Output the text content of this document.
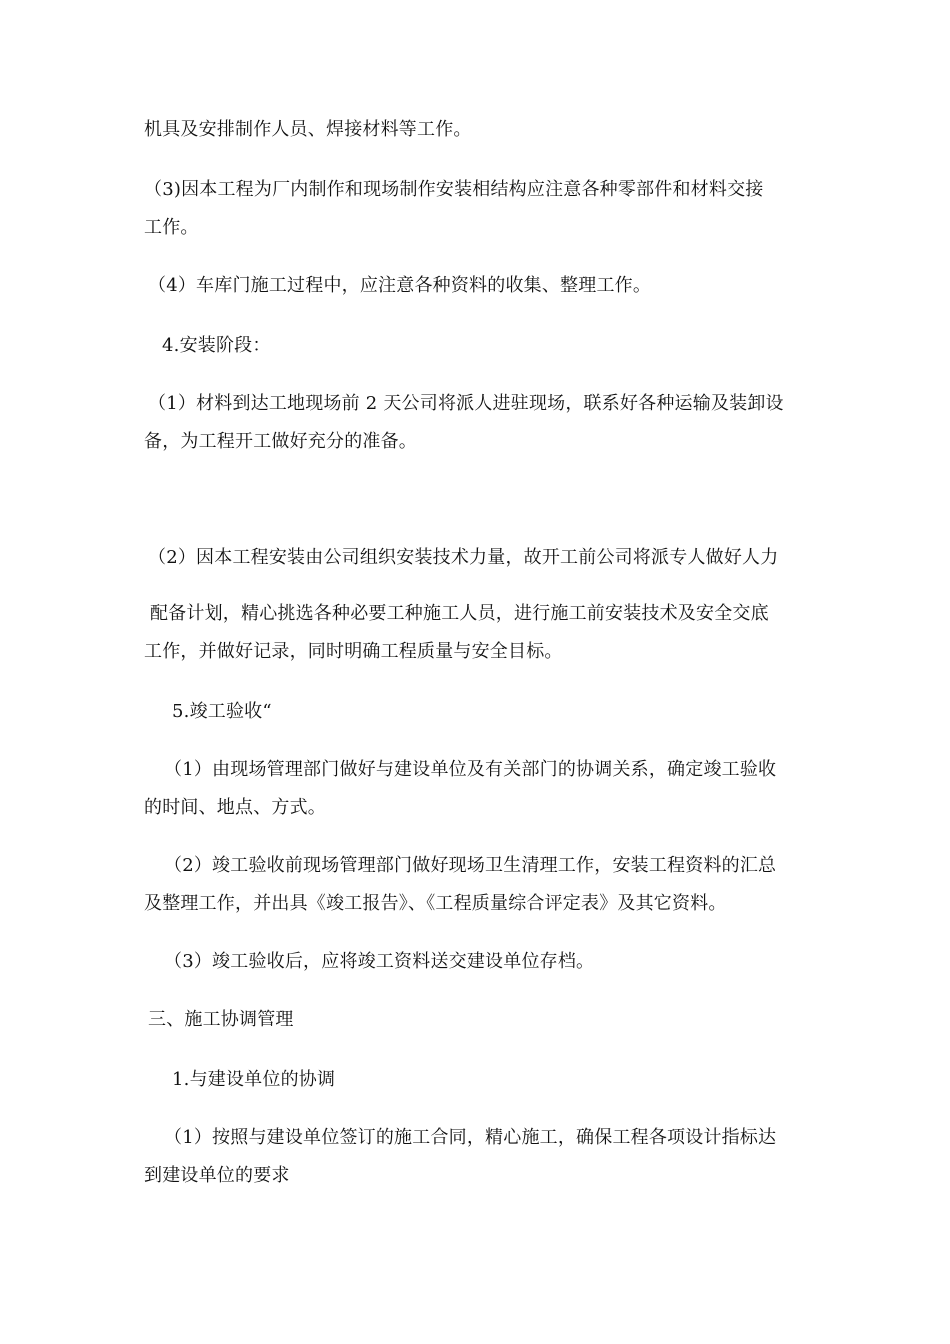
机具及安排制作人员、焊接材料等工作。
（3)因本工程为厂内制作和现场制作安装相结构应注意各种零部件和材料交接
工作。
（4）车库门施工过程中，应注意各种资料的收集、整理工作。
4.安装阶段：
（1）材料到达工地现场前 2 天公司将派人进驻现场，联系好各种运输及装卸设
备，为工程开工做好充分的准备。
（2）因本工程安装由公司组织安装技术力量，故开工前公司将派专人做好人力
配备计划，精心挑选各种必要工种施工人员，进行施工前安装技术及安全交底
工作，并做好记录，同时明确工程质量与安全目标。
5.竣工验收“
（1）由现场管理部门做好与建设单位及有关部门的协调关系，确定竣工验收
的时间、地点、方式。
（2）竣工验收前现场管理部门做好现场卫生清理工作，安装工程资料的汇总
及整理工作，并出具《竣工报告》、《工程质量综合评定表》及其它资料。
（3）竣工验收后，应将竣工资料送交建设单位存档。
三、施工协调管理
1.与建设单位的协调
（1）按照与建设单位签订的施工合同，精心施工，确保工程各项设计指标达
到建设单位的要求
